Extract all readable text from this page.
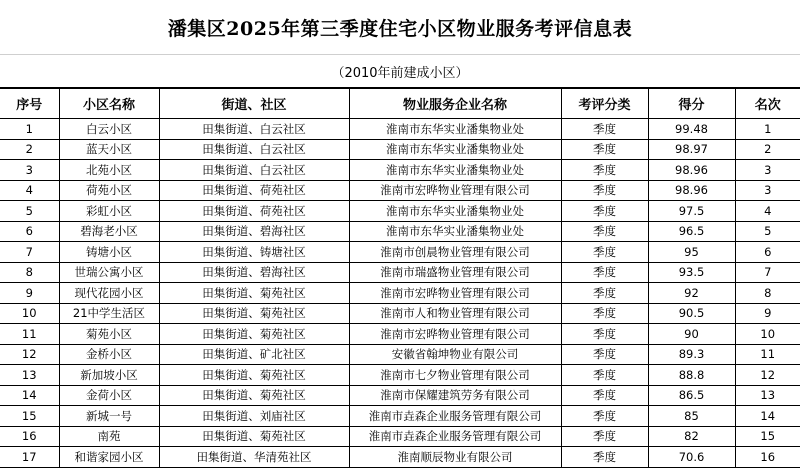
潘集区2025年第三季度住宅小区物业服务考评信息表
（2010年前建成小区）
序号	小区名称	街道、社区	物业服务企业名称	考评分类	得分	名次
1	白云小区	田集街道、白云社区	淮南市东华实业潘集物业处	季度	99.48	1
2	蓝天小区	田集街道、白云社区	淮南市东华实业潘集物业处	季度	98.97	2
3	北苑小区	田集街道、白云社区	淮南市东华实业潘集物业处	季度	98.96	3
4	荷苑小区	田集街道、荷苑社区	淮南市宏晔物业管理有限公司	季度	98.96	3
5	彩虹小区	田集街道、荷苑社区	淮南市东华实业潘集物业处	季度	97.5	4
6	碧海老小区	田集街道、碧海社区	淮南市东华实业潘集物业处	季度	96.5	5
7	铸塘小区	田集街道、铸塘社区	淮南市创晨物业管理有限公司	季度	95	6
8	世瑞公寓小区	田集街道、碧海社区	淮南市瑞盛物业管理有限公司	季度	93.5	7
9	现代花园小区	田集街道、菊苑社区	淮南市宏晔物业管理有限公司	季度	92	8
10	21中学生活区	田集街道、菊苑社区	淮南市人和物业管理有限公司	季度	90.5	9
11	菊苑小区	田集街道、菊苑社区	淮南市宏晔物业管理有限公司	季度	90	10
12	金桥小区	田集街道、矿北社区	安徽省翰坤物业有限公司	季度	89.3	11
13	新加坡小区	田集街道、菊苑社区	淮南市七夕物业管理有限公司	季度	88.8	12
14	金荷小区	田集街道、菊苑社区	淮南市保耀建筑劳务有限公司	季度	86.5	13
15	新城一号	田集街道、刘庙社区	淮南市垚森企业服务管理有限公司	季度	85	14
16	南苑	田集街道、菊苑社区	淮南市垚森企业服务管理有限公司	季度	82	15
17	和谐家园小区	田集街道、华清苑社区	淮南顺辰物业有限公司	季度	70.6	16
